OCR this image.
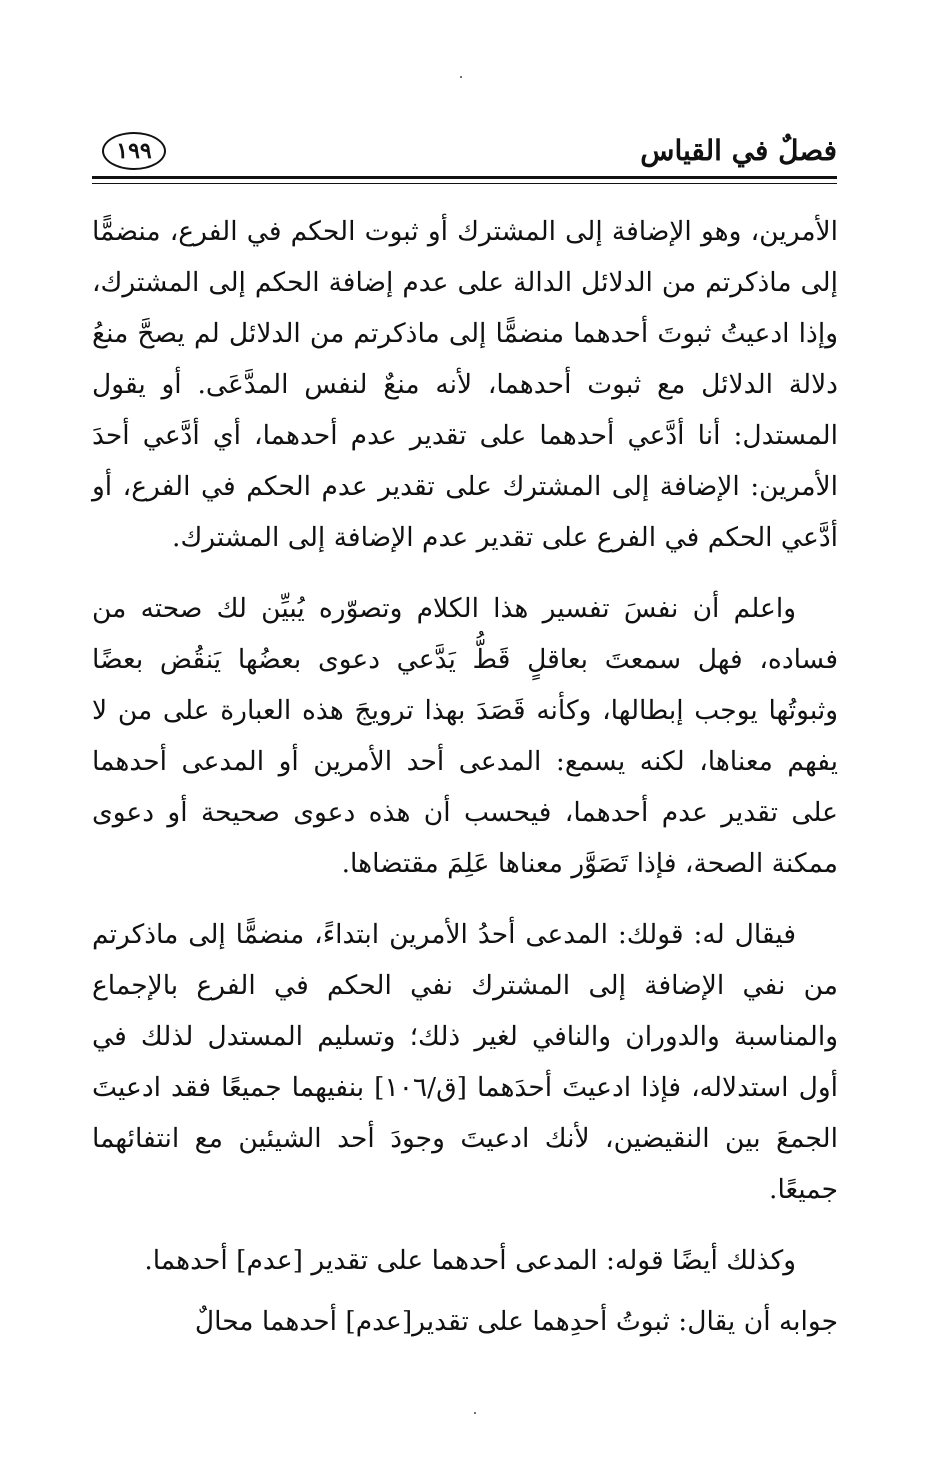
فصلٌ في القياس
١٩٩

الأمرين، وهو الإضافة إلى المشترك أو ثبوت الحكم في الفرع، منضمًّا إلى ماذكرتم من الدلائل الدالة على عدم إضافة الحكم إلى المشترك، وإذا ادعيتُ ثبوتَ أحدهما منضمًّا إلى ماذكرتم من الدلائل لم يصحَّ منعُ دلالة الدلائل مع ثبوت أحدهما، لأنه منعٌ لنفس المدَّعَى. أو يقول المستدل: أنا أدَّعي أحدهما على تقدير عدم أحدهما، أي أدَّعي أحدَ الأمرين: الإضافة إلى المشترك على تقدير عدم الحكم في الفرع، أو أدَّعي الحكم في الفرع على تقدير عدم الإضافة إلى المشترك.

واعلم أن نفسَ تفسير هذا الكلام وتصوّره يُبيِّن لك صحته من فساده، فهل سمعتَ بعاقلٍ قَطُّ يَدَّعي دعوى بعضُها يَنقُض بعضًا وثبوتُها يوجب إبطالها، وكأنه قَصَدَ بهذا ترويجَ هذه العبارة على من لا يفهم معناها، لكنه يسمع: المدعى أحد الأمرين أو المدعى أحدهما على تقدير عدم أحدهما، فيحسب أن هذه دعوى صحيحة أو دعوى ممكنة الصحة، فإذا تَصَوَّر معناها عَلِمَ مقتضاها.

فيقال له: قولك: المدعى أحدُ الأمرين ابتداءً، منضمًّا إلى ماذكرتم من نفي الإضافة إلى المشترك نفي الحكم في الفرع بالإجماع والمناسبة والدوران والنافي لغير ذلك؛ وتسليم المستدل لذلك في أول استدلاله، فإذا ادعيتَ أحدَهما [ق/١٠٦] بنفيهما جميعًا فقد ادعيتَ الجمعَ بين النقيضين، لأنك ادعيتَ وجودَ أحد الشيئين مع انتفائهما جميعًا.

وكذلك أيضًا قوله: المدعى أحدهما على تقدير [عدم] أحدهما.

جوابه أن يقال: ثبوتُ أحدِهما على تقدير[عدم] أحدهما محالٌ
